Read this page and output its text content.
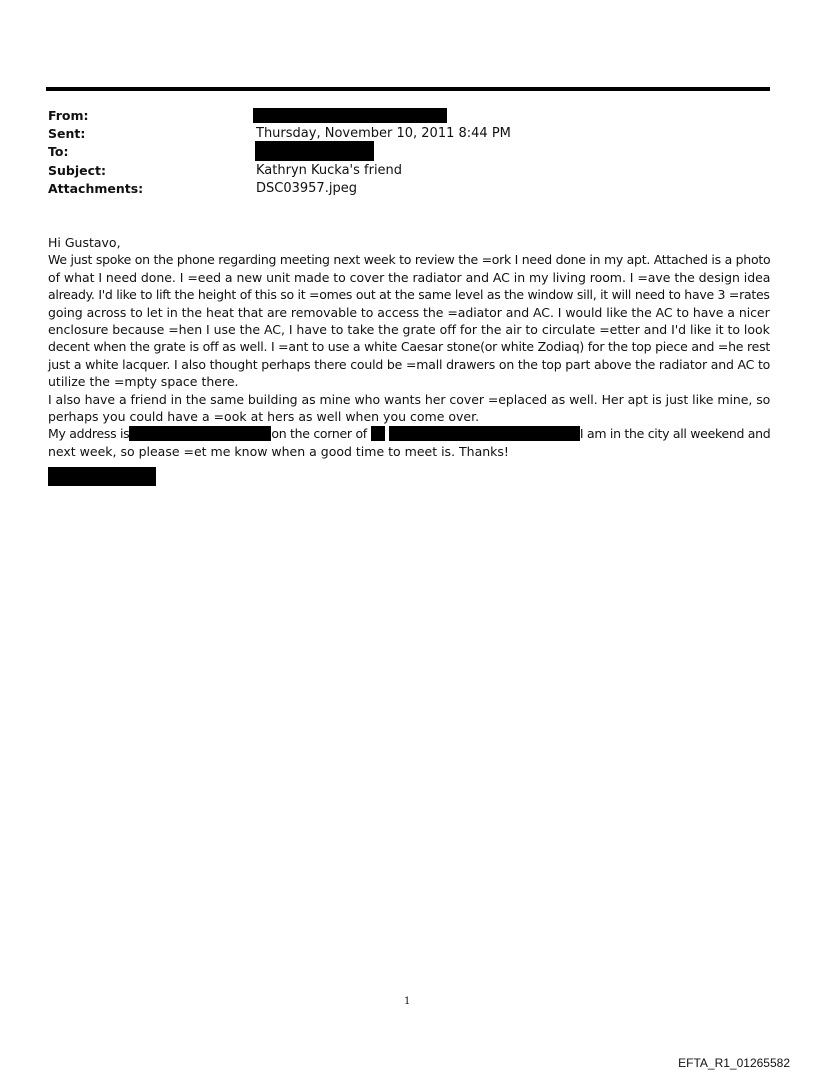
From:
Sent:	Thursday, November 10, 2011 8:44 PM
To:
Subject:	Kathryn Kucka's friend
Attachments:	DSC03957.jpeg

Hi Gustavo,

We just spoke on the phone regarding meeting next week to review the =ork I need done in my apt. Attached is a photo

of what I need done. I =eed a new unit made to cover the radiator and AC in my living room. I =ave the design idea

already. I'd like to lift the height of this so it =omes out at the same level as the window sill, it will need to have 3 =rates

going across to let in the heat that are removable to access the =adiator and AC. I would like the AC to have a nicer

enclosure because =hen I use the AC, I have to take the grate off for the air to circulate =etter and I'd like it to look

decent when the grate is off as well. I =ant to use a white Caesar stone(or white Zodiaq) for the top piece and =he rest

just a white lacquer. I also thought perhaps there could be =mall drawers on the top part above the radiator and AC to

utilize the =mpty space there.

I also have a friend in the same building as mine who wants her cover =eplaced as well. Her apt is just like mine, so

perhaps you could have a =ook at hers as well when you come over.

My address is	on the corner of	I am in the city all weekend and

next week, so please =et me know when a good time to meet is. Thanks!

1
EFTA_R1_01265582
